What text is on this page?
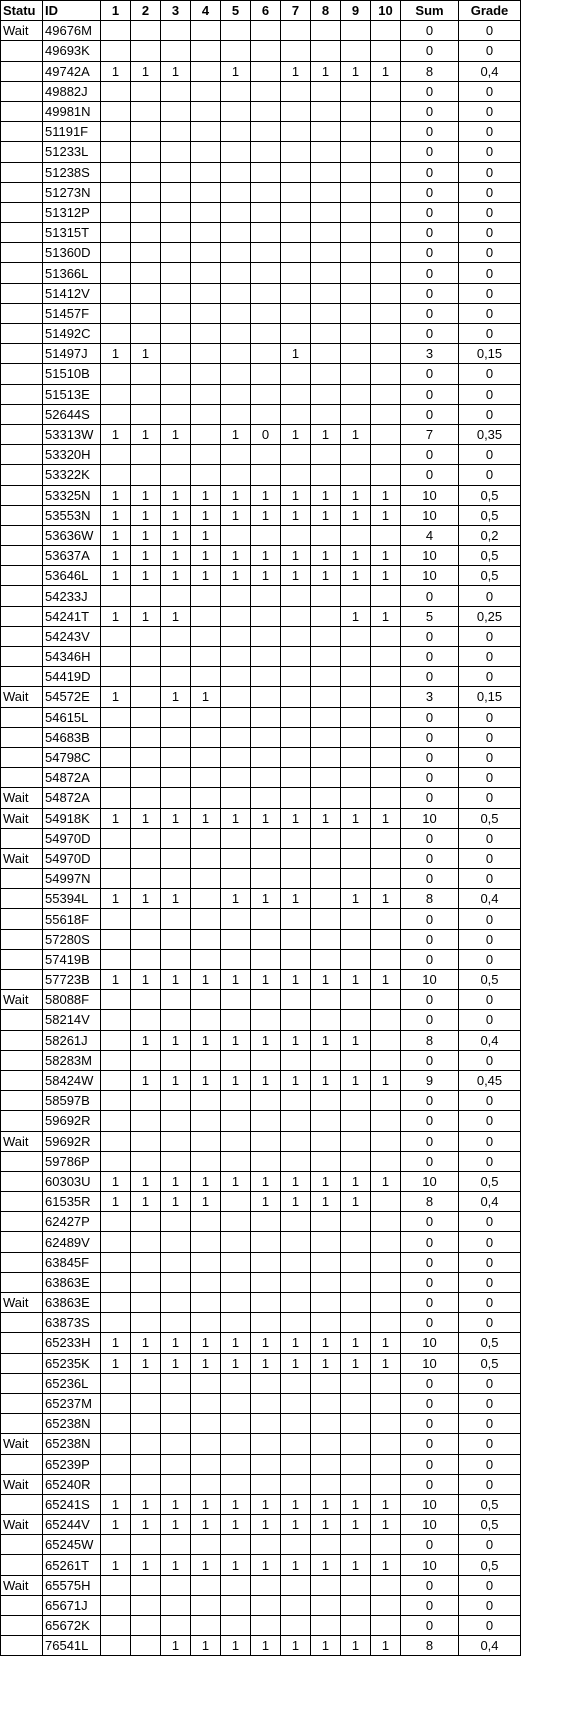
Statu	ID	1	2	3	4	5	6	7	8	9	10	Sum	Grade
Wait	49676M											0	0
	49693K											0	0
	49742A	1	1	1		1		1	1	1	1	8	0,4
	49882J											0	0
	49981N											0	0
	51191F											0	0
	51233L											0	0
	51238S											0	0
	51273N											0	0
	51312P											0	0
	51315T											0	0
	51360D											0	0
	51366L											0	0
	51412V											0	0
	51457F											0	0
	51492C											0	0
	51497J	1	1					1				3	0,15
	51510B											0	0
	51513E											0	0
	52644S											0	0
	53313W	1	1	1		1	0	1	1	1		7	0,35
	53320H											0	0
	53322K											0	0
	53325N	1	1	1	1	1	1	1	1	1	1	10	0,5
	53553N	1	1	1	1	1	1	1	1	1	1	10	0,5
	53636W	1	1	1	1							4	0,2
	53637A	1	1	1	1	1	1	1	1	1	1	10	0,5
	53646L	1	1	1	1	1	1	1	1	1	1	10	0,5
	54233J											0	0
	54241T	1	1	1						1	1	5	0,25
	54243V											0	0
	54346H											0	0
	54419D											0	0
Wait	54572E	1		1	1							3	0,15
	54615L											0	0
	54683B											0	0
	54798C											0	0
	54872A											0	0
Wait	54872A											0	0
Wait	54918K	1	1	1	1	1	1	1	1	1	1	10	0,5
	54970D											0	0
Wait	54970D											0	0
	54997N											0	0
	55394L	1	1	1		1	1	1		1	1	8	0,4
	55618F											0	0
	57280S											0	0
	57419B											0	0
	57723B	1	1	1	1	1	1	1	1	1	1	10	0,5
Wait	58088F											0	0
	58214V											0	0
	58261J		1	1	1	1	1	1	1	1		8	0,4
	58283M											0	0
	58424W		1	1	1	1	1	1	1	1	1	9	0,45
	58597B											0	0
	59692R											0	0
Wait	59692R											0	0
	59786P											0	0
	60303U	1	1	1	1	1	1	1	1	1	1	10	0,5
	61535R	1	1	1	1		1	1	1	1		8	0,4
	62427P											0	0
	62489V											0	0
	63845F											0	0
	63863E											0	0
Wait	63863E											0	0
	63873S											0	0
	65233H	1	1	1	1	1	1	1	1	1	1	10	0,5
	65235K	1	1	1	1	1	1	1	1	1	1	10	0,5
	65236L											0	0
	65237M											0	0
	65238N											0	0
Wait	65238N											0	0
	65239P											0	0
Wait	65240R											0	0
	65241S	1	1	1	1	1	1	1	1	1	1	10	0,5
Wait	65244V	1	1	1	1	1	1	1	1	1	1	10	0,5
	65245W											0	0
	65261T	1	1	1	1	1	1	1	1	1	1	10	0,5
Wait	65575H											0	0
	65671J											0	0
	65672K											0	0
	76541L			1	1	1	1	1	1	1	1	8	0,4
